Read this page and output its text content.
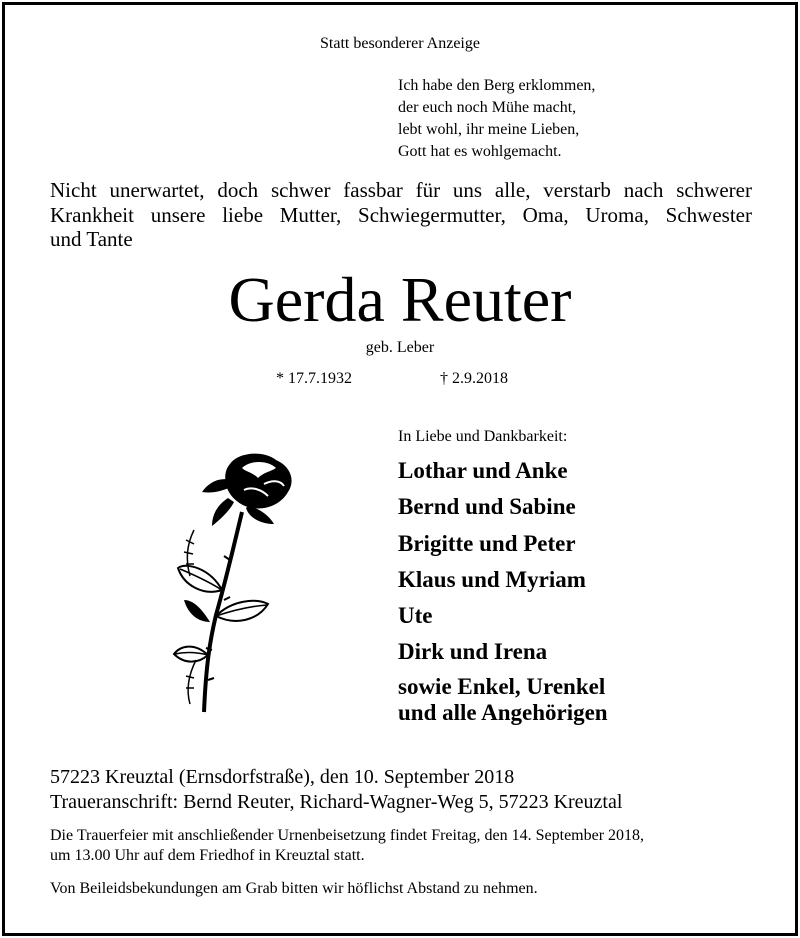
Statt besonderer Anzeige
Ich habe den Berg erklommen,
der euch noch Mühe macht,
lebt wohl, ihr meine Lieben,
Gott hat es wohlgemacht.
Nicht unerwartet, doch schwer fassbar für uns alle, verstarb nach schwerer
Krankheit unsere liebe Mutter, Schwiegermutter, Oma, Uroma, Schwester
und Tante
Gerda Reuter
geb. Leber
* 17.7.1932	† 2.9.2018
In Liebe und Dankbarkeit:
Lothar und Anke
Bernd und Sabine
Brigitte und Peter
Klaus und Myriam
Ute
Dirk und Irena
sowie Enkel, Urenkel
und alle Angehörigen
57223 Kreuztal (Ernsdorfstraße), den 10. September 2018
Traueranschrift: Bernd Reuter, Richard-Wagner-Weg 5, 57223 Kreuztal
Die Trauerfeier mit anschließender Urnenbeisetzung findet Freitag, den 14. September 2018,
um 13.00 Uhr auf dem Friedhof in Kreuztal statt.
Von Beileidsbekundungen am Grab bitten wir höflichst Abstand zu nehmen.
